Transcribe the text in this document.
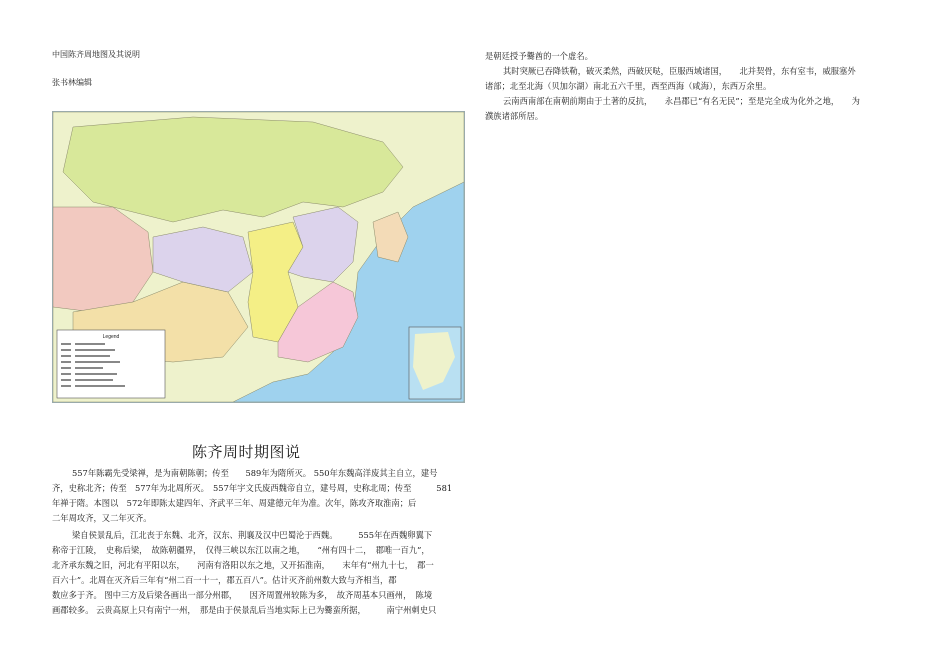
中国陈齐周地图及其说明
张书林编辑
是朝廷授予爨酋的一个虚名。
其时突厥已吞降铁勒，破灭柔然，西破厌哒，臣服西域诸国，　　北并契骨，东有室韦，威服塞外
诸部；北至北海（贝加尔湖）南北五六千里，西至西海（咸海），东西万余里。
云南西南部在南朝前期由于土著的反抗，　　永昌郡已“有名无民”；至是完全成为化外之地，　　为
濮族诸部所居。
Legend
陈齐周时期图说
557年陈霸先受梁禅，是为南朝陈朝；传至　　589年为隋所灭。 550年东魏高洋废其主自立，建号
齐，史称北齐；传至　577年为北周所灭。　557年宇文氏废西魏帝自立，建号周，史称北周；传至　　　581
年禅于隋。本图以　572年即陈太建四年、齐武平三年、周建德元年为准。次年，陈攻齐取淮南；后
二年周攻齐，又二年灭齐。
梁自侯景乱后，江北丧于东魏、北齐，汉东、荆襄及汉中巴蜀沦于西魏。　　　555年在西魏卵翼下
称帝于江陵，　史称后梁，　故陈朝疆界，　仅得三峡以东江以南之地，　　“州有四十二，　郡唯一百九”，
北齐承东魏之旧，河北有平阳以东，　　河南有洛阳以东之地，又开拓淮南，　　末年有“州九十七，　郡一
百六十”。北周在灭齐后三年有“州二百一十一，郡五百八”。估计灭齐前州数大致与齐相当，郡
数应多于齐。 图中三方及后梁各画出一部分州郡，　　因齐周置州较陈为多，　故齐周基本只画州，　陈境
画郡较多。 云贵高原上只有南宁一州，　那是由于侯景乱后当地实际上已为爨蛮所据，　　　南宁州刺史只
